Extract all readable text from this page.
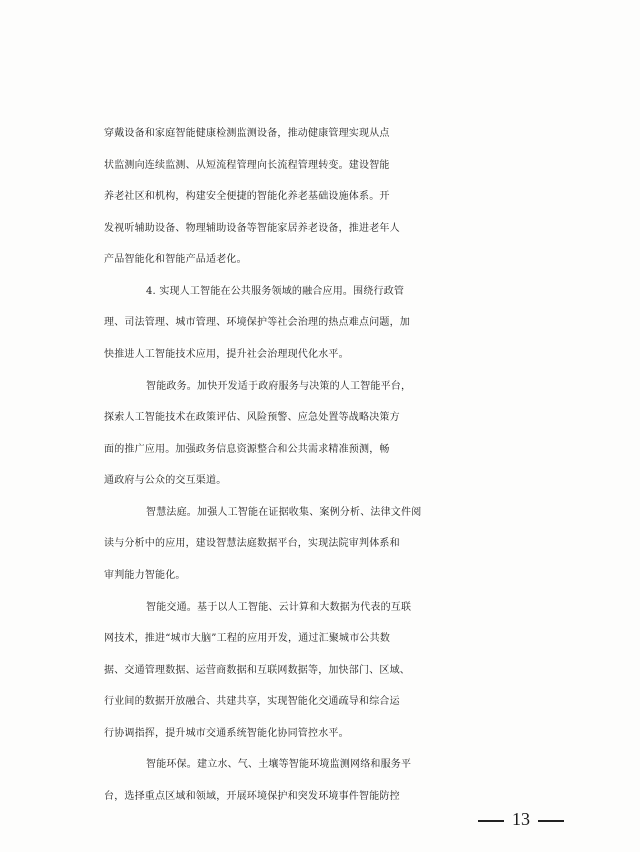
穿戴设备和家庭智能健康检测监测设备，推动健康管理实现从点
状监测向连续监测、从短流程管理向长流程管理转变。建设智能
养老社区和机构，构建安全便捷的智能化养老基础设施体系。开
发视听辅助设备、物理辅助设备等智能家居养老设备，推进老年人
产品智能化和智能产品适老化。
4. 实现人工智能在公共服务领域的融合应用。围绕行政管
理、司法管理、城市管理、环境保护等社会治理的热点难点问题，加
快推进人工智能技术应用，提升社会治理现代化水平。
智能政务。加快开发适于政府服务与决策的人工智能平台，
探索人工智能技术在政策评估、风险预警、应急处置等战略决策方
面的推广应用。加强政务信息资源整合和公共需求精准预测，畅
通政府与公众的交互渠道。
智慧法庭。加强人工智能在证据收集、案例分析、法律文件阅
读与分析中的应用，建设智慧法庭数据平台，实现法院审判体系和
审判能力智能化。
智能交通。基于以人工智能、云计算和大数据为代表的互联
网技术，推进“城市大脑”工程的应用开发，通过汇聚城市公共数
据、交通管理数据、运营商数据和互联网数据等，加快部门、区域、
行业间的数据开放融合、共建共享，实现智能化交通疏导和综合运
行协调指挥，提升城市交通系统智能化协同管控水平。
智能环保。建立水、气、土壤等智能环境监测网络和服务平
台，选择重点区域和领域，开展环境保护和突发环境事件智能防控
13
